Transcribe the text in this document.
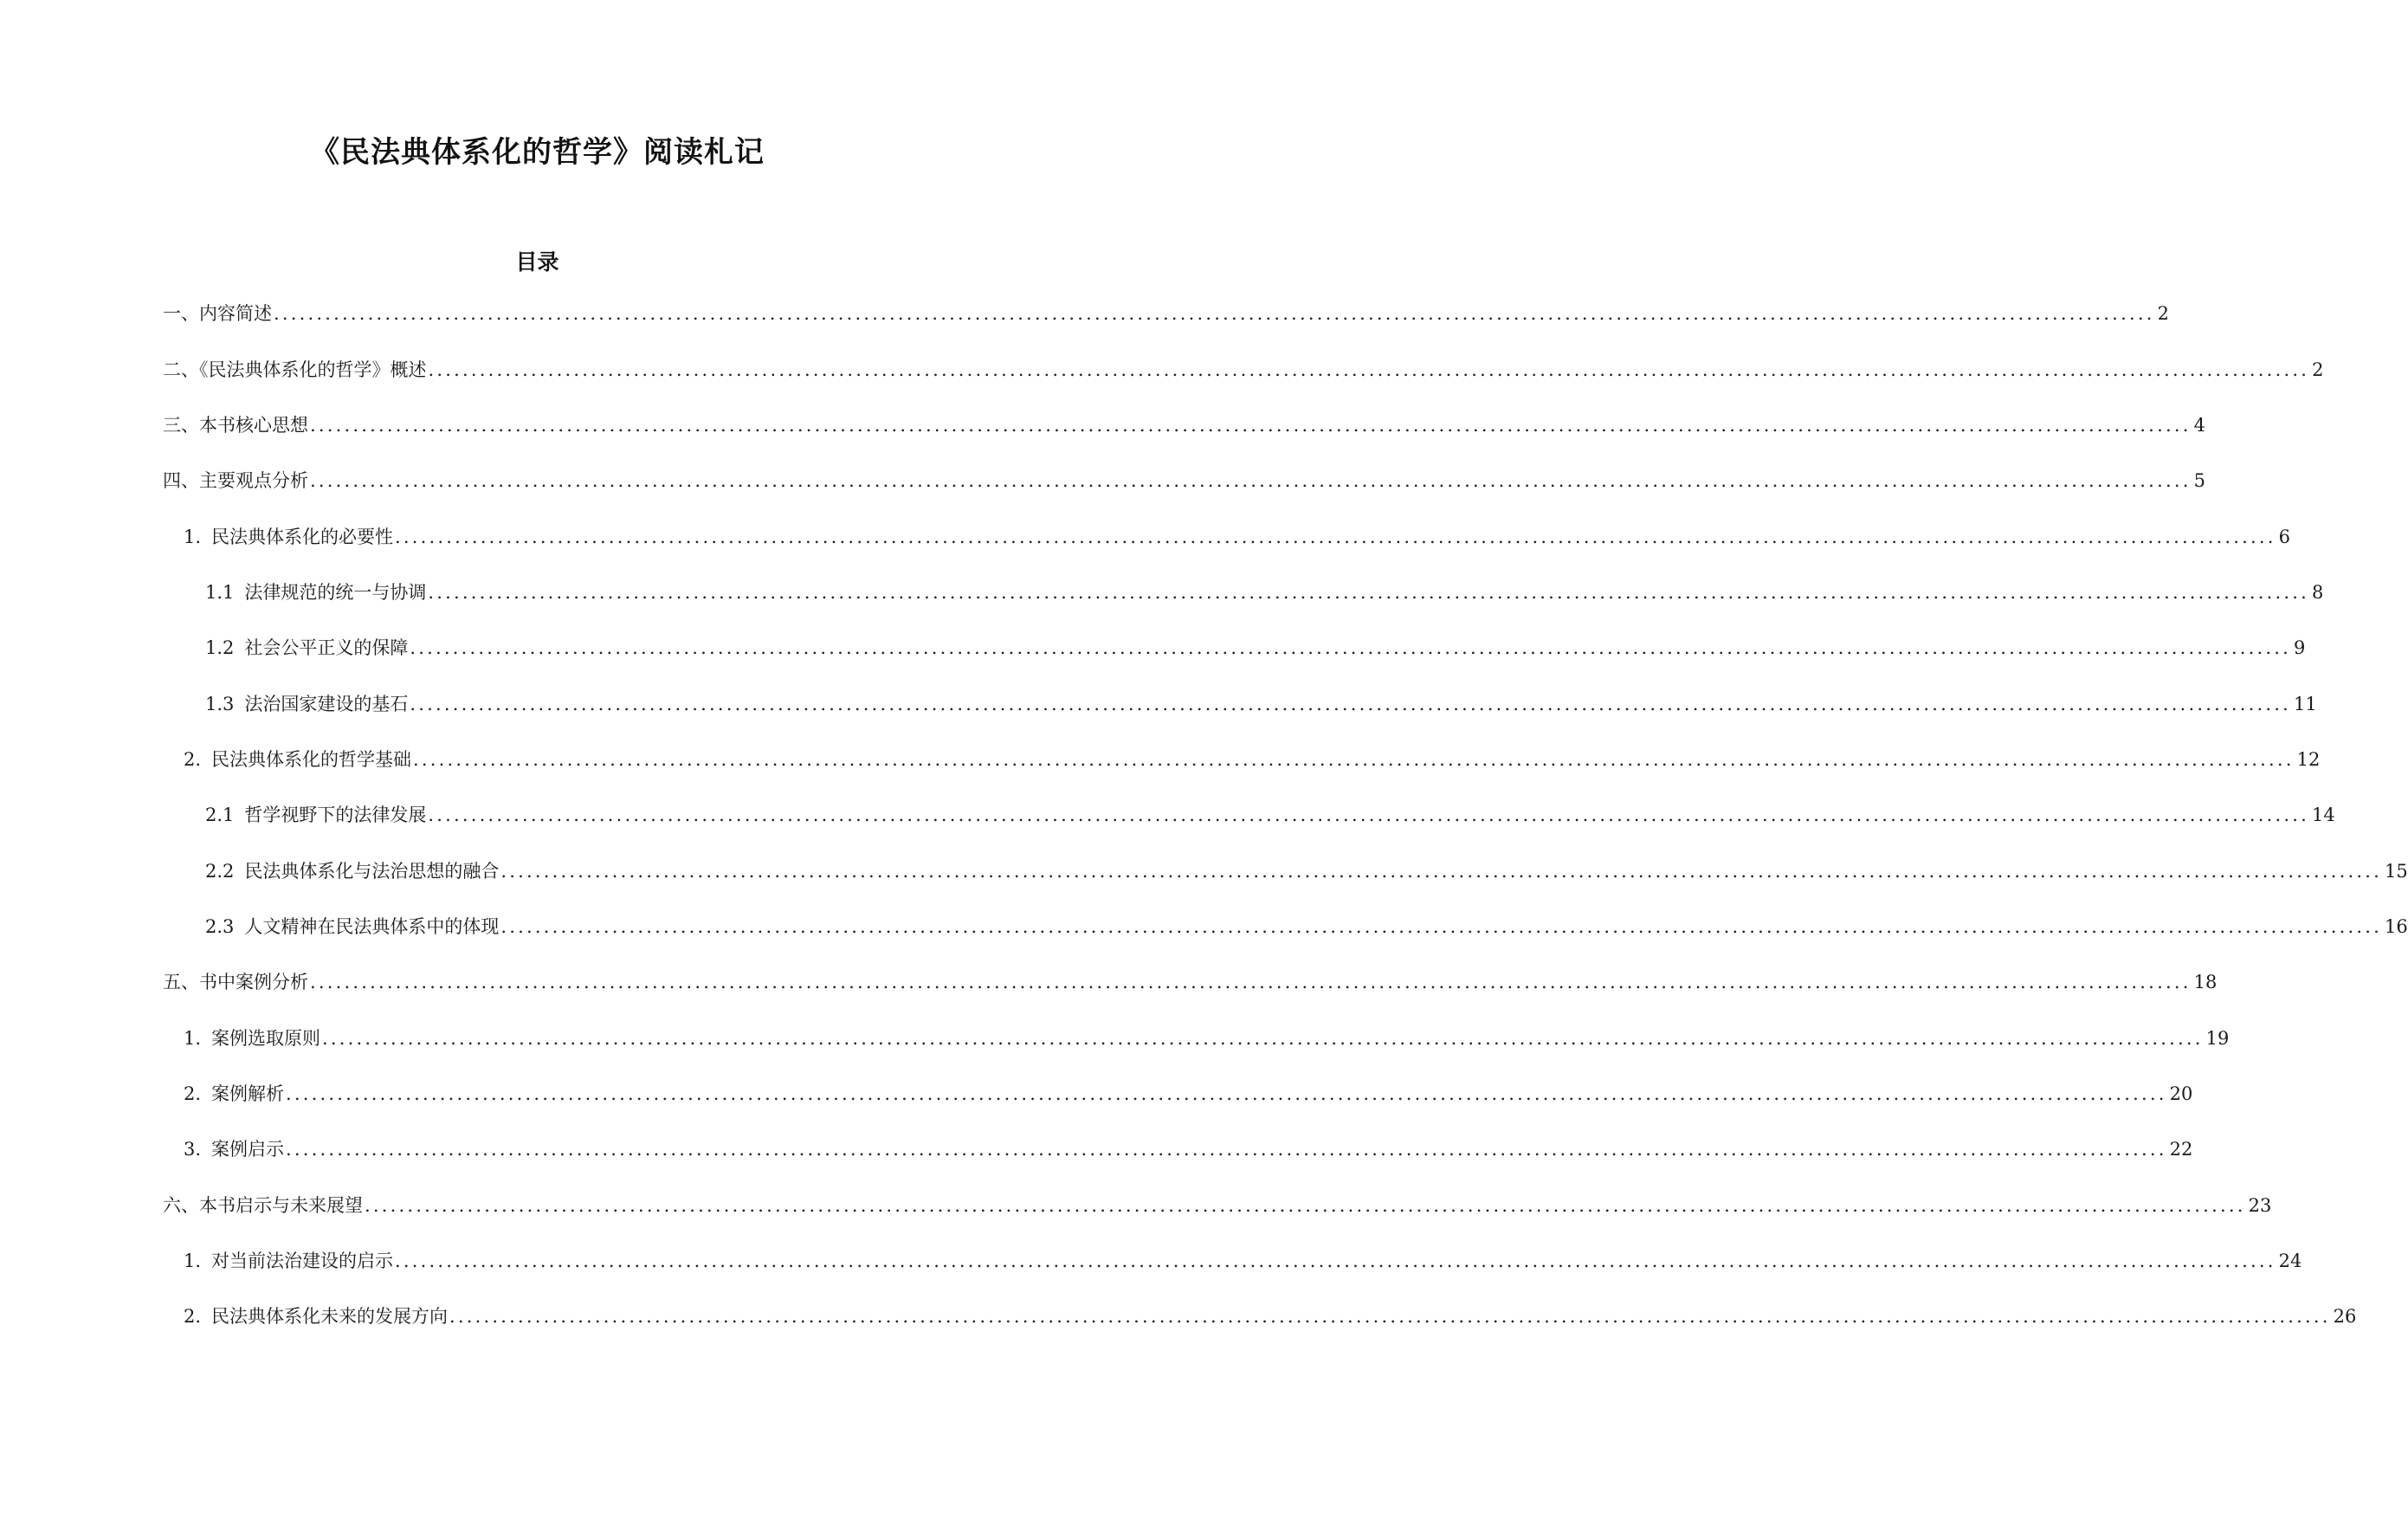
《民法典体系化的哲学》阅读札记
目录
一、内容简述 ............................................................................................................................................................................................................................ 2
二、《民法典体系化的哲学》概述 ............................................................................................................................................................................................................................ 2
三、本书核心思想 ............................................................................................................................................................................................................................ 4
四、主要观点分析 ............................................................................................................................................................................................................................ 5
1. 民法典体系化的必要性 ............................................................................................................................................................................................................................ 6
1.1 法律规范的统一与协调 ............................................................................................................................................................................................................................ 8
1.2 社会公平正义的保障 ............................................................................................................................................................................................................................ 9
1.3 法治国家建设的基石 ............................................................................................................................................................................................................................ 11
2. 民法典体系化的哲学基础 ............................................................................................................................................................................................................................ 12
2.1 哲学视野下的法律发展 ............................................................................................................................................................................................................................ 14
2.2 民法典体系化与法治思想的融合 ............................................................................................................................................................................................................................ 15
2.3 人文精神在民法典体系中的体现 ............................................................................................................................................................................................................................ 16
五、书中案例分析 ............................................................................................................................................................................................................................ 18
1. 案例选取原则 ............................................................................................................................................................................................................................ 19
2. 案例解析 ............................................................................................................................................................................................................................ 20
3. 案例启示 ............................................................................................................................................................................................................................ 22
六、本书启示与未来展望 ............................................................................................................................................................................................................................ 23
1. 对当前法治建设的启示 ............................................................................................................................................................................................................................ 24
2. 民法典体系化未来的发展方向 ............................................................................................................................................................................................................................ 26
